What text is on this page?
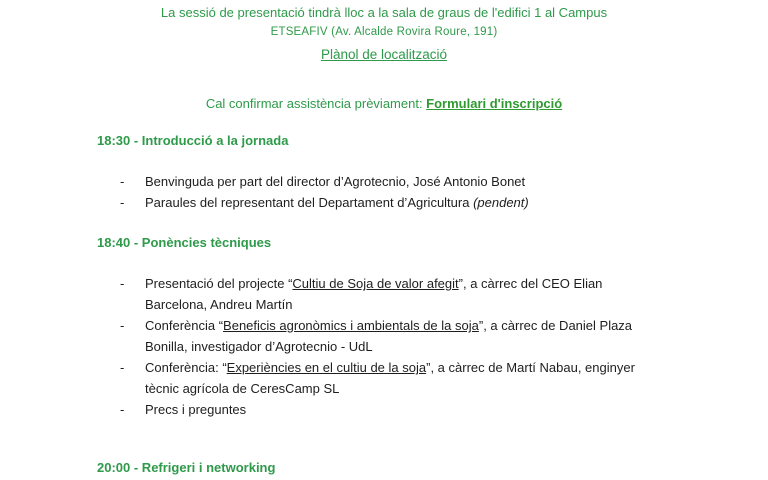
La sessió de presentació tindrà lloc a la sala de graus de l'edifici 1 al Campus
ETSEAFIV (Av. Alcalde Rovira Roure, 191)
Plànol de localització
Cal confirmar assistència prèviament: Formulari d'inscripció
18:30 - Introducció a la jornada
- Benvinguda per part del director d’Agrotecnio, José Antonio Bonet
- Paraules del representant del Departament d’Agricultura (pendent)
18:40 - Ponències tècniques
- Presentació del projecte “Cultiu de Soja de valor afegit”, a càrrec del CEO Elian Barcelona, Andreu Martín
- Conferència “Beneficis agronòmics i ambientals de la soja”, a càrrec de Daniel Plaza Bonilla, investigador d’Agrotecnio - UdL
- Conferència: “Experiències en el cultiu de la soja”, a càrrec de Martí Nabau, enginyer tècnic agrícola de CeresCamp SL
- Precs i preguntes
20:00 - Refrigeri i networking
